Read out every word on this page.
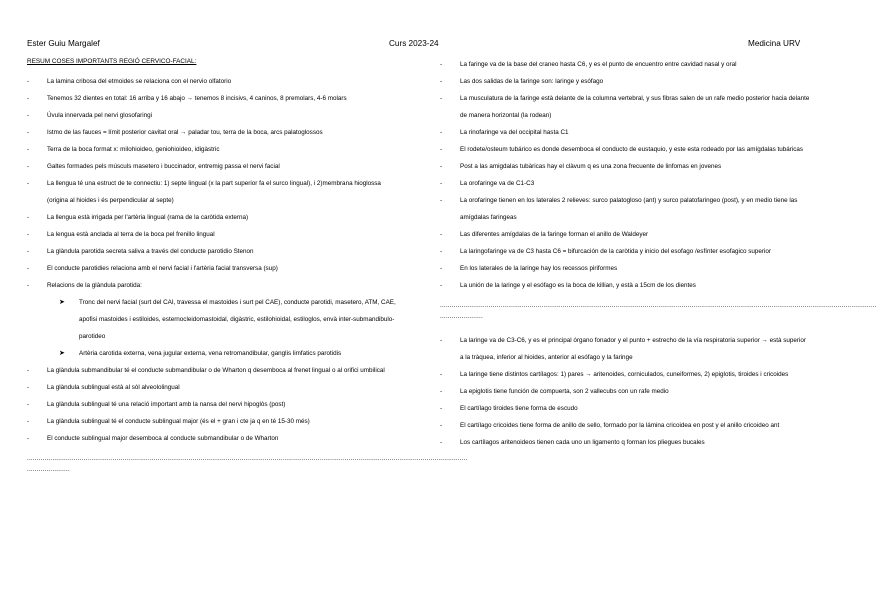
Ester Guiu Margalef	Curs 2023-24	Medicina URV
RESUM COSES IMPORTANTS REGIÓ CERVICO-FACIAL:
- La lamina cribosa del etmoides se relaciona con el nervio olfatorio
- Tenemos 32 dientes en total: 16 arriba y 16 abajo → tenemos 8 incisivs, 4 caninos, 8 premolars, 4-6 molars
- Úvula innervada pel nervi glosofaringi
- Istmo de las fauces = límit posterior cavitat oral → paladar tou, terra de la boca, arcs palatoglossos
- Terra de la boca format x: milohioideo, geniohioideo, idigàstric
- Galtes formades pels músculs masetero i buccinador, entremig passa el nervi facial
- La llengua té una estruct de te connectiu: 1) septe lingual (x la part superior fa el surco lingual), i 2)membrana hioglossa (origina al hioides i és perpendicular al septe)
- La llengua està irrigada per l'artèria lingual (rama de la caròtida externa)
- La lengua està anclada al terra de la boca pel frenillo lingual
- La glàndula parotida secreta saliva a través del conducte parotidio Stenon
- El conducte parotidies relaciona amb el nervi facial i l'artèria facial transversa (sup)
- Relacions de la glàndula parotida:
➤ Tronc del nervi facial (surt del CAI, travessa el mastoides i surt pel CAE), conducte parotidi, masetero, ATM, CAE, apofisi mastoides i estiloides, esternocleidomastoidal, digàstric, estilohioidal, estiloglos, envà inter-submandibulo-parotideo
➤ Artèria carotida externa, vena jugular externa, vena retromandibular, ganglis limfatics parotidis
- La glàndula submandibular té el conducte submandibular o de Wharton q desemboca al frenet lingual o al orifici umbilical
- La glàndula sublingual està al sòl alveololingual
- La glàndula sublingual té una relació important amb la nansa del nervi hipoglòs (post)
- La glàndula sublingual té el conducte sublingual major (és el + gran i cte ja q en té 15-30 més)
- El conducte sublingual major desemboca al conducte submandibular o de Wharton
..................................................................................................................................................................................................................................
......................
- La faringe va de la base del craneo hasta C6, y es el punto de encuentro entre cavidad nasal y oral
- Las dos salidas de la faringe son: laringe y esófago
- La musculatura de la faringe està delante de la columna vertebral, y sus fibras salen de un rafe medio posterior hacia delante de manera horizontal (la rodean)
- La rinofaringe va del occipital hasta C1
- El rodete/osteum tubárico es donde desemboca el conducto de eustaquio, y este esta rodeado por las amígdalas tubáricas
- Post a las amigdalas tubàricas hay el clàvum q es una zona frecuente de linfomas en jovenes
- La orofaringe va de C1-C3
- La orofaringe tienen en los laterales 2 relieves: surco palatogloso (ant) y surco palatofaringeo (post), y en medio tiene las amígdalas faringeas
- Las diferentes amígdalas de la faringe forman el anillo de Waldeyer
- La laringofaringe va de C3 hasta C6 = bifurcación de la caròtida y inicio del esofago /esfínter esofagico superior
- En los laterales de la laringe hay los recessos piriformes
- La unión de la laringe y el esófago es la boca de killian, y està a 15cm de los dientes
................................................................................................................................................................................................................................
......................
- La laringe va de C3-C6, y es el principal órgano fonador y el punto + estrecho de la vía respiratoria superior → està superior a la tràquea, inferior al hioides, anterior al esófago y la faringe
- La laringe tiene distintos cartílagos: 1) pares → aritenoides, corniculados, cuneiformes, 2) epiglotis, tiroides i cricoides
- La epiglotis tiene función de compuerta, son 2 vallecubs con un rafe medio
- El cartílago tiroides tiene forma de escudo
- El cartílago cricoides tiene forma de anillo de sello, formado por la lámina cricoidea en post y el anillo cricoideo ant
- Los cartílagos aritenoideos tienen cada uno un ligamento q forman los pliegues bucales
